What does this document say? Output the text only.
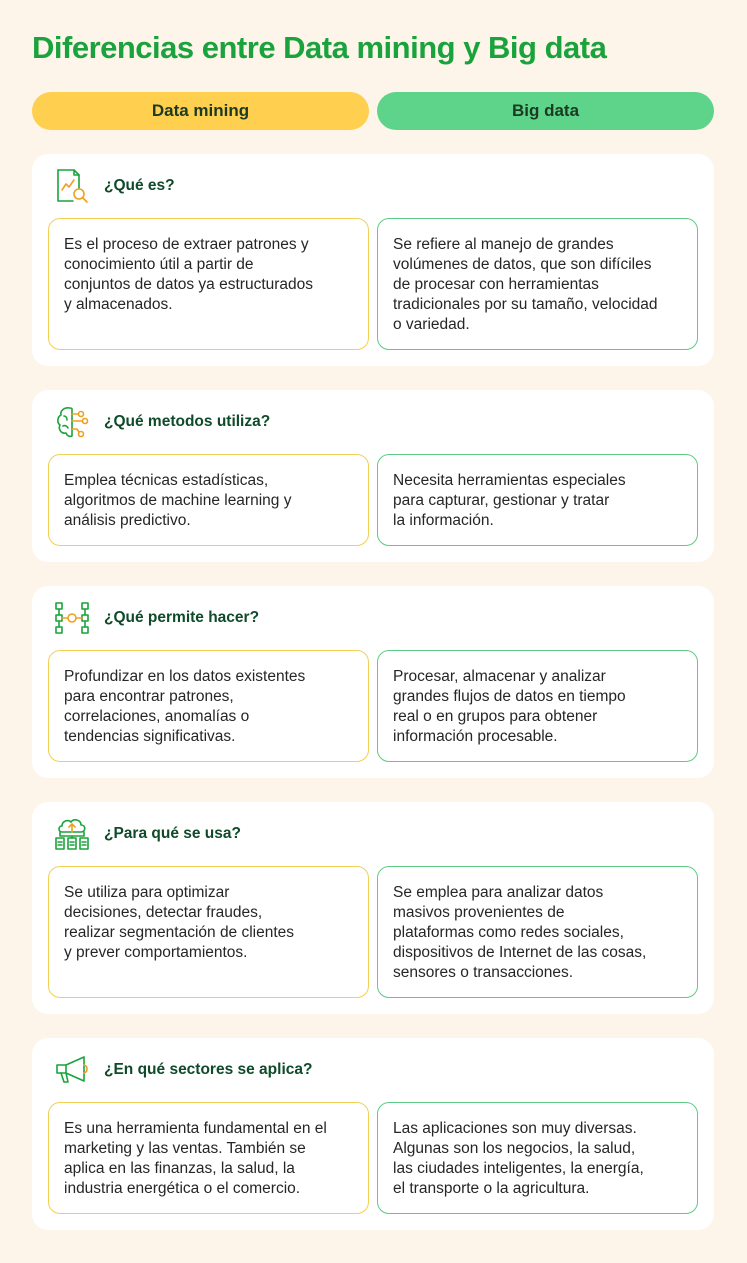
Diferencias entre Data mining y Big data
Data mining	Big data
¿Qué es?
Es el proceso de extraer patrones y
conocimiento útil a partir de
conjuntos de datos ya estructurados
y almacenados.
Se refiere al manejo de grandes
volúmenes de datos, que son difíciles
de procesar con herramientas
tradicionales por su tamaño, velocidad
o variedad.
¿Qué metodos utiliza?
Emplea técnicas estadísticas,
algoritmos de machine learning y
análisis predictivo.
Necesita herramientas especiales
para capturar, gestionar y tratar
la información.
¿Qué permite hacer?
Profundizar en los datos existentes
para encontrar patrones,
correlaciones, anomalías o
tendencias significativas.
Procesar, almacenar y analizar
grandes flujos de datos en tiempo
real o en grupos para obtener
información procesable.
¿Para qué se usa?
Se utiliza para optimizar
decisiones, detectar fraudes,
realizar segmentación de clientes
y prever comportamientos.
Se emplea para analizar datos
masivos provenientes de
plataformas como redes sociales,
dispositivos de Internet de las cosas,
sensores o transacciones.
¿En qué sectores se aplica?
Es una herramienta fundamental en el
marketing y las ventas. También se
aplica en las finanzas, la salud, la
industria energética o el comercio.
Las aplicaciones son muy diversas.
Algunas son los negocios, la salud,
las ciudades inteligentes, la energía,
el transporte o la agricultura.
